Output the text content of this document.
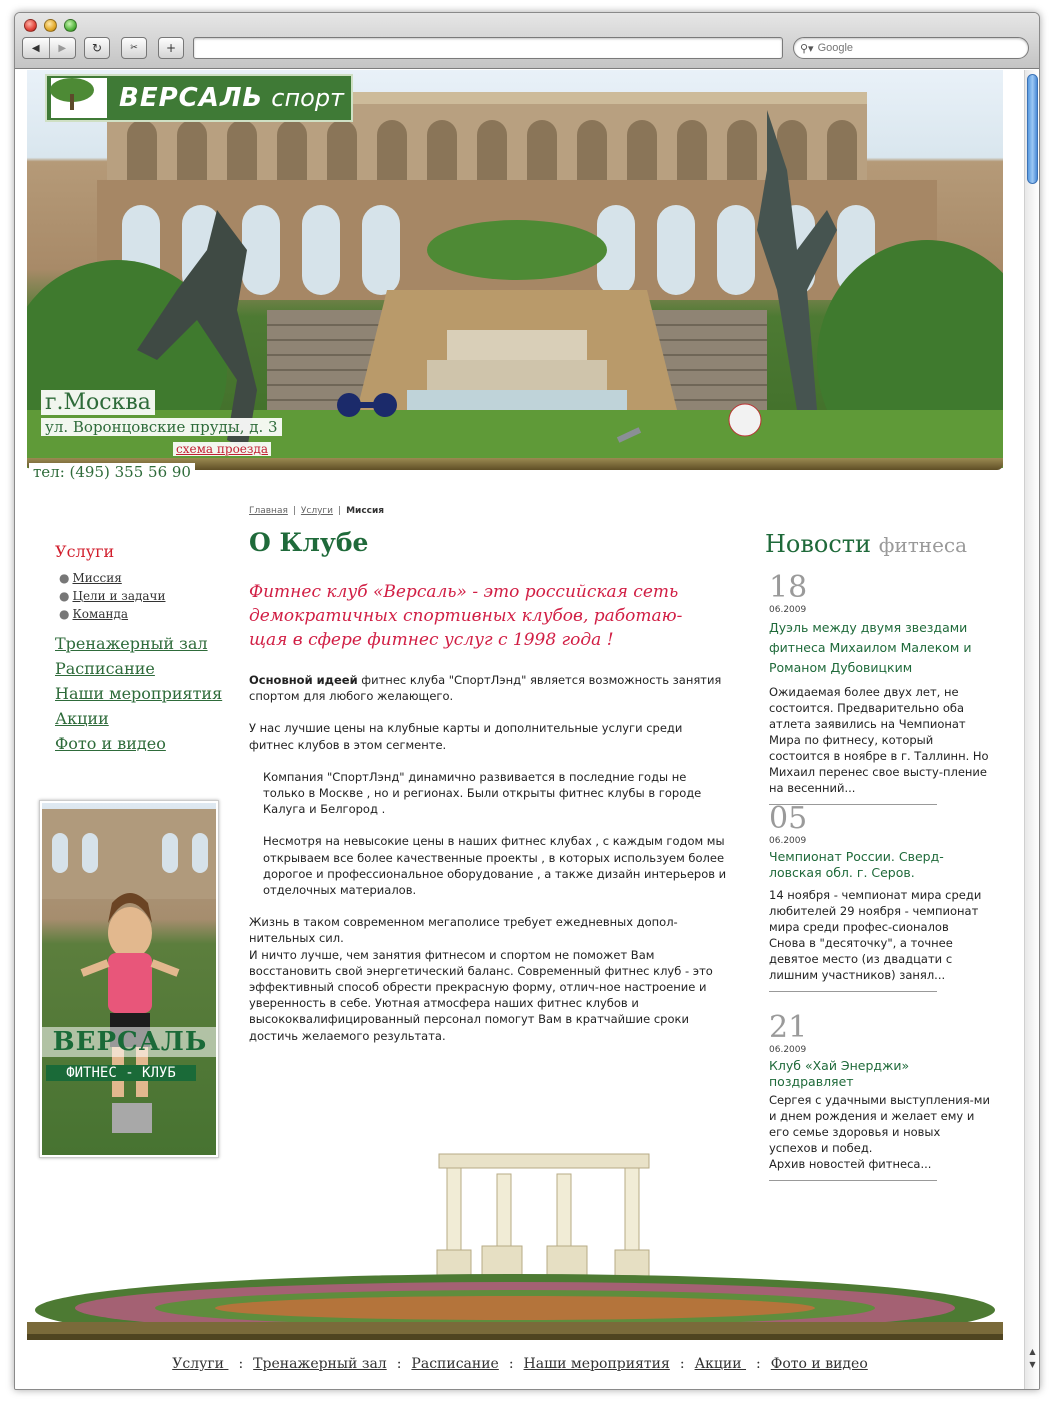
◀ ▶ ↻	✂ +	⚲▾ Google
ВЕРСАЛЬ спорт
г.Москва
ул. Воронцовские пруды, д. 3
схема проезда
тел: (495) 355 56 90
Главная | Услуги | Миссия
Услуги
● Миссия
● Цели и задачи
● Команда
Тренажерный зал
Расписание
Наши мероприятия
Акции
Фото и видео
ВЕРСАЛЬ
ФИТНЕС - КЛУБ
О Клубе
Фитнес клуб «Версаль» - это российская сеть демократичных спортивных клубов, работаю-щая в сфере фитнес услуг с 1998 года !

Основной идеей фитнес клуба "СпортЛэнд" является возможность занятия спортом для любого желающего.

У нас лучшие цены на клубные карты и дополнительные услуги среди фитнес клубов в этом сегменте.

Компания "СпортЛэнд" динамично развивается в последние годы не только в Москве , но и регионах. Были открыты фитнес клубы в городе Калуга и Белгород .

Несмотря на невысокие цены в наших фитнес клубах , с каждым годом мы открываем все более качественные проекты , в которых используем более дорогое и профессиональное оборудование , а также дизайн интерьеров и отделочных материалов.

Жизнь в таком современном мегаполисе требует ежедневных допол-нительных сил.

И ничто лучше, чем занятия фитнесом и спортом не поможет Вам восстановить свой энергетический баланс. Современный фитнес клуб - это эффективный способ обрести прекрасную форму, отлич-ное настроение и уверенность в себе. Уютная атмосфера наших фитнес клубов и высококвалифицированный персонал помогут Вам в кратчайшие сроки достичь желаемого результата.

Новости фитнеса
18
06.2009
Дуэль между двумя звездами фитнеса Михаилом Малеком и Романом Дубовицким
Ожидаемая более двух лет, не состоится. Предварительно оба атлета заявились на Чемпионат Мира по фитнесу, который состоится в ноябре в г. Таллинн. Но Михаил перенес свое высту-пление на весенний...
05
06.2009
Чемпионат России. Сверд-ловская обл. г. Серов.
14 ноября - чемпионат мира среди любителей 29 ноября - чемпионат мира среди профес-сионалов
Снова в "десяточку", а точнее девятое место (из двадцати с лишним участников) занял...
21
06.2009
Клуб «Хай Энерджи» поздравляет
Сергея с удачными выступления-ми и днем рождения и желает ему и его семье здоровья и новых успехов и побед.
Архив новостей фитнеса...
Услуги : Тренажерный зал : Расписание : Наши мероприятия : Акции : Фото и видео
▲
▼
